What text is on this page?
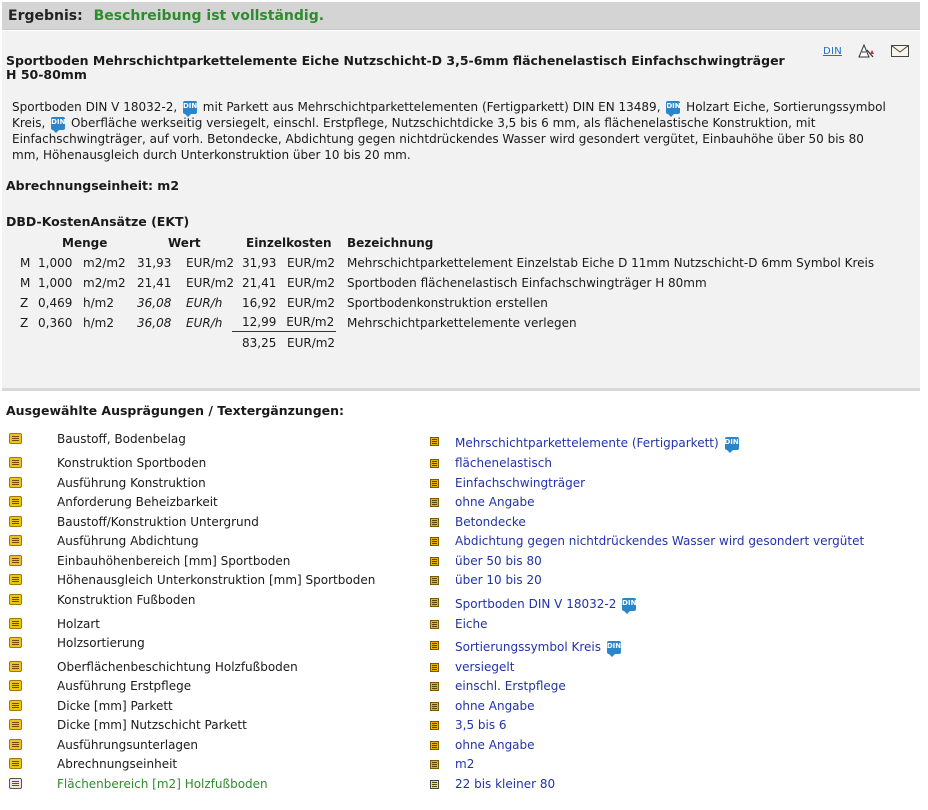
Ergebnis: Beschreibung ist vollständig.
DIN
Sportboden Mehrschichtparkettelemente Eiche Nutzschicht-D 3,5-6mm flächenelastisch Einfachschwingträger H 50-80mm
Sportboden DIN V 18032-2, DIN mit Parkett aus Mehrschichtparkettelementen (Fertigparkett) DIN EN 13489, DIN Holzart Eiche, Sortierungssymbol Kreis, DIN Oberfläche werkseitig versiegelt, einschl. Erstpflege, Nutzschichtdicke 3,5 bis 6 mm, als flächenelastische Konstruktion, mit Einfachschwingträger, auf vorh. Betondecke, Abdichtung gegen nichtdrückendes Wasser wird gesondert vergütet, Einbauhöhe über 50 bis 80 mm, Höhenausgleich durch Unterkonstruktion über 10 bis 20 mm.
Abrechnungseinheit: m2
DBD-KostenAnsätze (EKT)
Menge	Wert	Einzelkosten Bezeichnung
M 1,000 m2/m2 31,93 EUR/m2 31,93 EUR/m2 Mehrschichtparkettelement Einzelstab Eiche D 11mm Nutzschicht-D 6mm Symbol Kreis
M 1,000 m2/m2 21,41 EUR/m2 21,41 EUR/m2 Sportboden flächenelastisch Einfachschwingträger H 80mm
Z 0,469 h/m2 36,08 EUR/h 16,92 EUR/m2 Sportbodenkonstruktion erstellen
Z 0,360 h/m2 36,08 EUR/h	12,99 EUR/m2 Mehrschichtparkettelemente verlegen
83,25 EUR/m2
Ausgewählte Ausprägungen / Textergänzungen:
Baustoff, Bodenbelag	Mehrschichtparkettelemente (Fertigparkett) DIN
Konstruktion Sportboden	flächenelastisch
Ausführung Konstruktion	Einfachschwingträger
Anforderung Beheizbarkeit	ohne Angabe
Baustoff/Konstruktion Untergrund	Betondecke
Ausführung Abdichtung	Abdichtung gegen nichtdrückendes Wasser wird gesondert vergütet
Einbauhöhenbereich [mm] Sportboden	über 50 bis 80
Höhenausgleich Unterkonstruktion [mm] Sportboden	über 10 bis 20
Konstruktion Fußboden	Sportboden DIN V 18032-2 DIN
Holzart	Eiche
Holzsortierung	Sortierungssymbol Kreis DIN
Oberflächenbeschichtung Holzfußboden	versiegelt
Ausführung Erstpflege	einschl. Erstpflege
Dicke [mm] Parkett	ohne Angabe
Dicke [mm] Nutzschicht Parkett	3,5 bis 6
Ausführungsunterlagen	ohne Angabe
Abrechnungseinheit	m2
Flächenbereich [m2] Holzfußboden	22 bis kleiner 80
